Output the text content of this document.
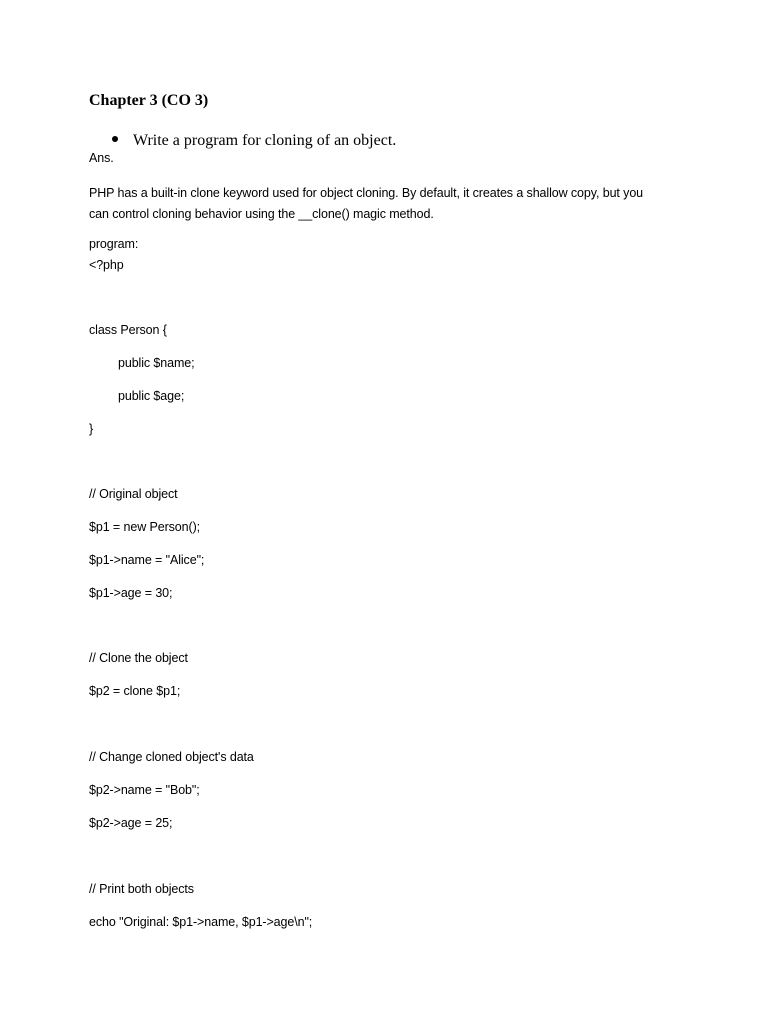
Chapter 3 (CO 3)
Write a program for cloning of an object.
Ans.
PHP has a built-in clone keyword used for object cloning. By default, it creates a shallow copy, but you
can control cloning behavior using the __clone() magic method.
program:
<?php
class Person {
public $name;
public $age;
}
// Original object
$p1 = new Person();
$p1->name = "Alice";
$p1->age = 30;
// Clone the object
$p2 = clone $p1;
// Change cloned object's data
$p2->name = "Bob";
$p2->age = 25;
// Print both objects
echo "Original: $p1->name, $p1->age\n";
